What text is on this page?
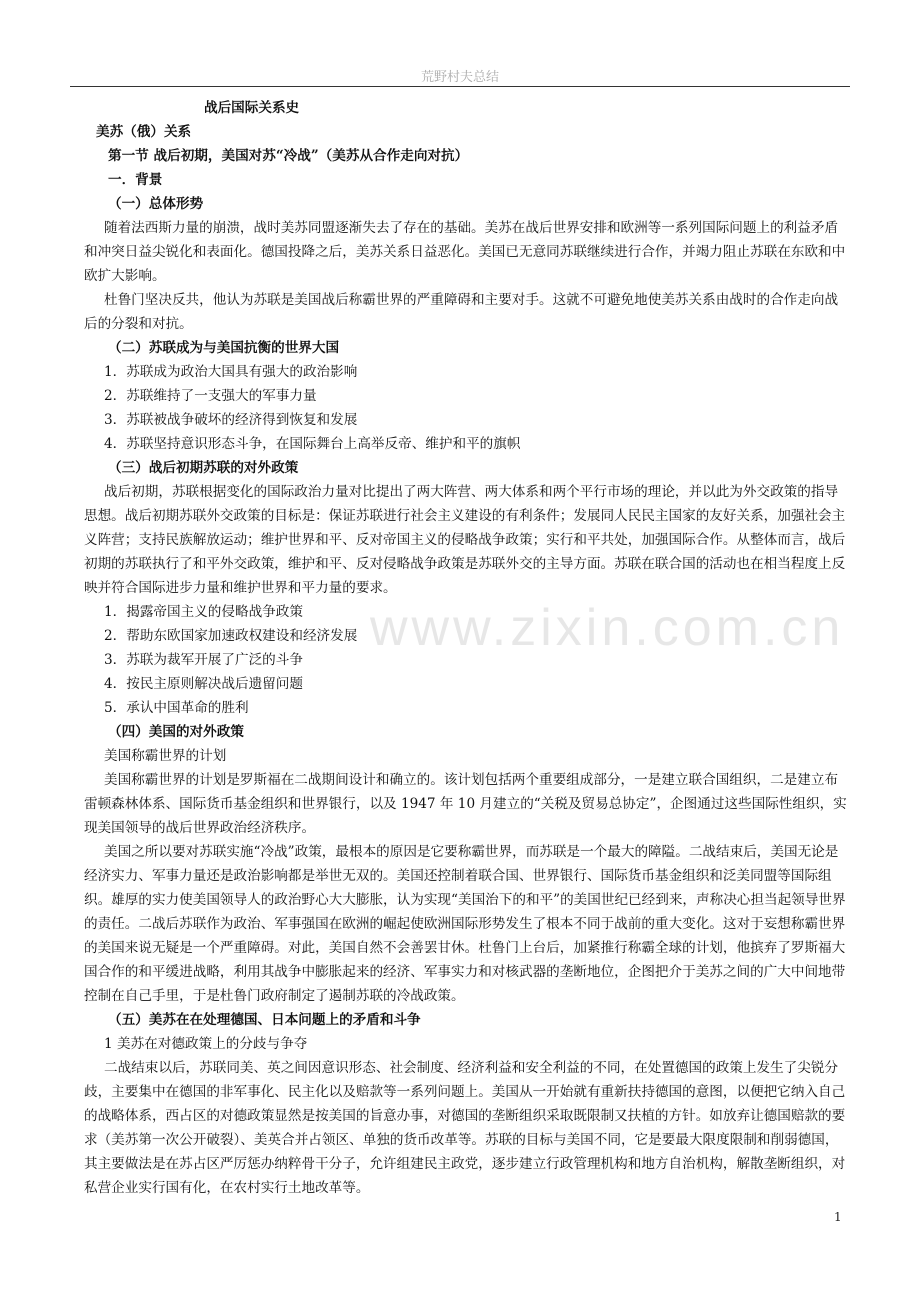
荒野村夫总结

战后国际关系史

美苏（俄）关系

第一节 战后初期，美国对苏“冷战”（美苏从合作走向对抗）

一．背景

（一）总体形势

随着法西斯力量的崩溃，战时美苏同盟逐渐失去了存在的基础。美苏在战后世界安排和欧洲等一系列国际问题上的利益矛盾和冲突日益尖锐化和表面化。德国投降之后，美苏关系日益恶化。美国已无意同苏联继续进行合作，并竭力阻止苏联在东欧和中欧扩大影响。

杜鲁门坚决反共，他认为苏联是美国战后称霸世界的严重障碍和主要对手。这就不可避免地使美苏关系由战时的合作走向战后的分裂和对抗。

（二）苏联成为与美国抗衡的世界大国

1．苏联成为政治大国具有强大的政治影响

2．苏联维持了一支强大的军事力量

3．苏联被战争破坏的经济得到恢复和发展

4．苏联坚持意识形态斗争，在国际舞台上高举反帝、维护和平的旗帜

（三）战后初期苏联的对外政策

战后初期，苏联根据变化的国际政治力量对比提出了两大阵营、两大体系和两个平行市场的理论，并以此为外交政策的指导思想。战后初期苏联外交政策的目标是：保证苏联进行社会主义建设的有利条件；发展同人民民主国家的友好关系，加强社会主义阵营；支持民族解放运动；维护世界和平、反对帝国主义的侵略战争政策；实行和平共处，加强国际合作。从整体而言，战后初期的苏联执行了和平外交政策，维护和平、反对侵略战争政策是苏联外交的主导方面。苏联在联合国的活动也在相当程度上反映并符合国际进步力量和维护世界和平力量的要求。

1．揭露帝国主义的侵略战争政策

2．帮助东欧国家加速政权建设和经济发展

3．苏联为裁军开展了广泛的斗争

4．按民主原则解决战后遗留问题

5．承认中国革命的胜利

（四）美国的对外政策

美国称霸世界的计划

美国称霸世界的计划是罗斯福在二战期间设计和确立的。该计划包括两个重要组成部分，一是建立联合国组织，二是建立布雷顿森林体系、国际货币基金组织和世界银行，以及 1947 年 10 月建立的“关税及贸易总协定”，企图通过这些国际性组织，实现美国领导的战后世界政治经济秩序。

美国之所以要对苏联实施“冷战”政策，最根本的原因是它要称霸世界，而苏联是一个最大的障隘。二战结束后，美国无论是经济实力、军事力量还是政治影响都是举世无双的。美国还控制着联合国、世界银行、国际货币基金组织和泛美同盟等国际组织。雄厚的实力使美国领导人的政治野心大大膨胀，认为实现“美国治下的和平”的美国世纪已经到来，声称决心担当起领导世界的责任。二战后苏联作为政治、军事强国在欧洲的崛起使欧洲国际形势发生了根本不同于战前的重大变化。这对于妄想称霸世界的美国来说无疑是一个严重障碍。对此，美国自然不会善罢甘休。杜鲁门上台后，加紧推行称霸全球的计划，他摈弃了罗斯福大国合作的和平缓进战略，利用其战争中膨胀起来的经济、军事实力和对核武器的垄断地位，企图把介于美苏之间的广大中间地带控制在自己手里，于是杜鲁门政府制定了遏制苏联的冷战政策。

（五）美苏在在处理德国、日本问题上的矛盾和斗争

1 美苏在对德政策上的分歧与争夺

二战结束以后，苏联同美、英之间因意识形态、社会制度、经济利益和安全利益的不同，在处置德国的政策上发生了尖锐分歧，主要集中在德国的非军事化、民主化以及赔款等一系列问题上。美国从一开始就有重新扶持德国的意图，以便把它纳入自己的战略体系，西占区的对德政策显然是按美国的旨意办事，对德国的垄断组织采取既限制又扶植的方针。如放弃让德国赔款的要求（美苏第一次公开破裂）、美英合并占领区、单独的货币改革等。苏联的目标与美国不同，它是要最大限度限制和削弱德国，其主要做法是在苏占区严厉惩办纳粹骨干分子，允许组建民主政党，逐步建立行政管理机构和地方自治机构，解散垄断组织，对私营企业实行国有化，在农村实行土地改革等。

www.zixin.com.cn
1
